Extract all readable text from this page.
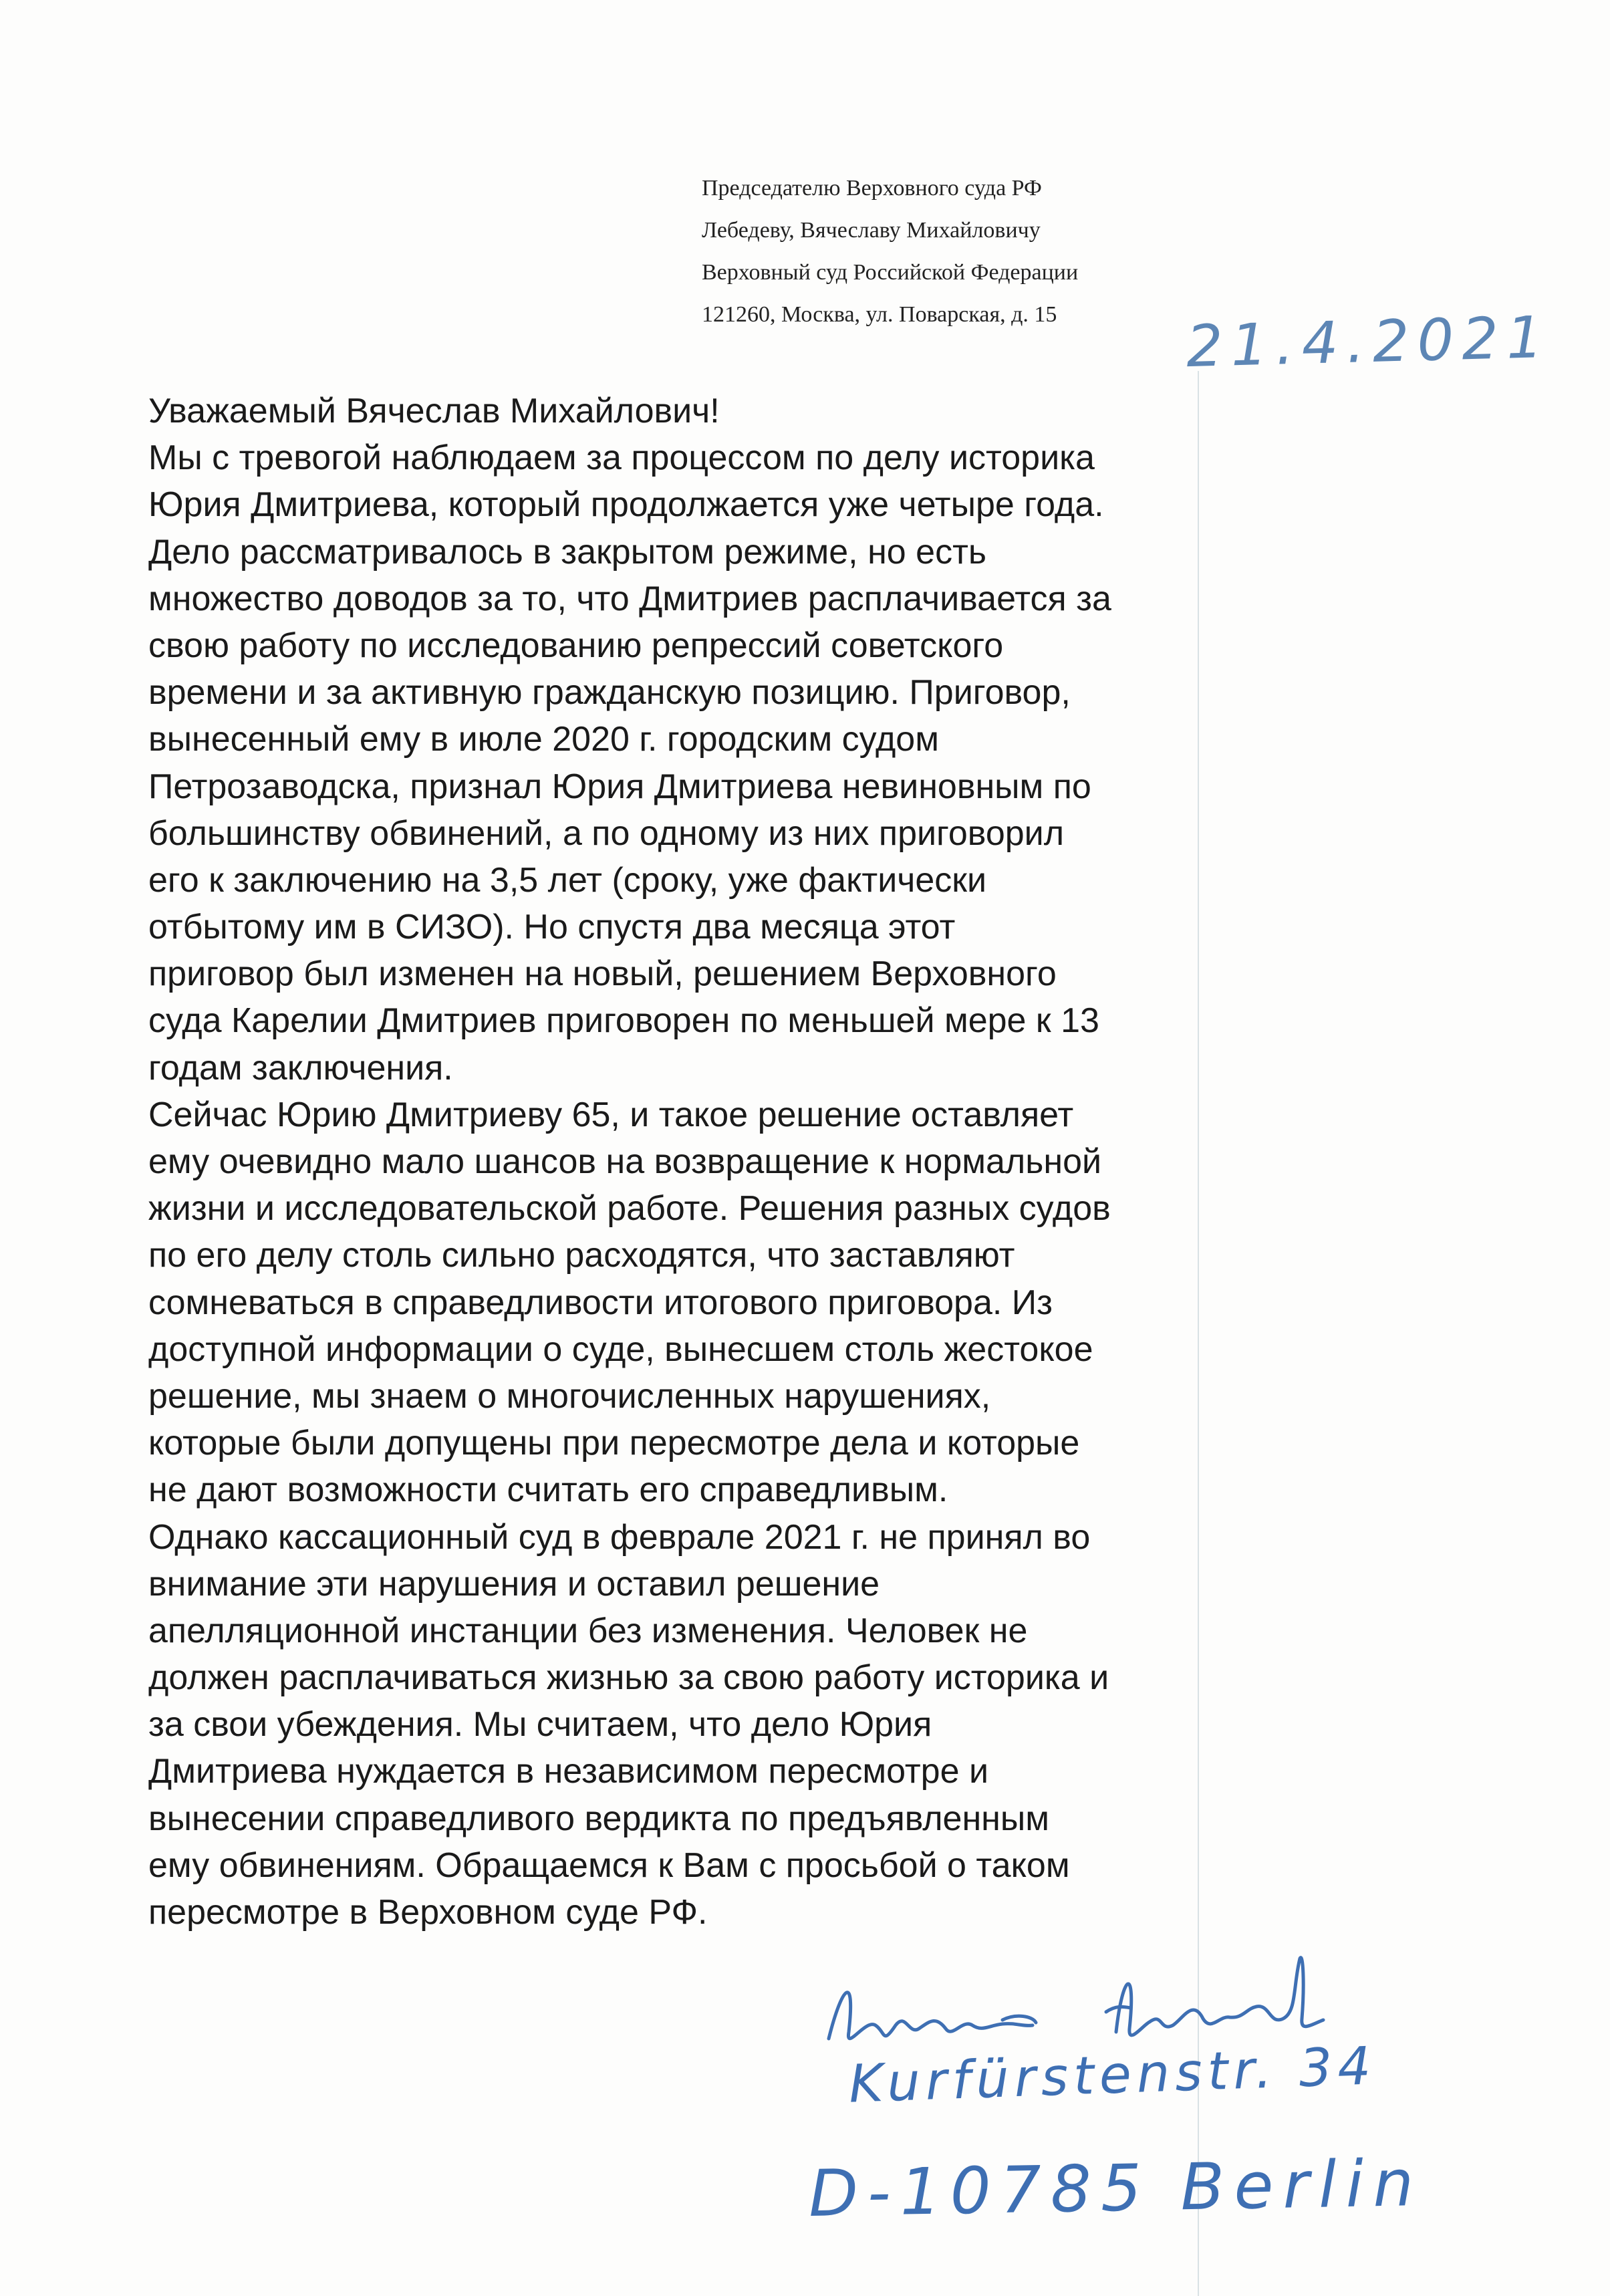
Председателю Верховного суда РФ
Лебедеву, Вячеславу Михайловичу
Верховный суд Российской Федерации
121260, Москва, ул. Поварская, д. 15	21.4.2021
Уважаемый Вячеслав Михайлович!
Мы с тревогой наблюдаем за процессом по делу историка
Юрия Дмитриева, который продолжается уже четыре года.
Дело рассматривалось в закрытом режиме, но есть
множество доводов за то, что Дмитриев расплачивается за
свою работу по исследованию репрессий советского
времени и за активную гражданскую позицию. Приговор,
вынесенный ему в июле 2020 г. городским судом
Петрозаводска, признал Юрия Дмитриева невиновным по
большинству обвинений, а по одному из них приговорил
его к заключению на 3,5 лет (сроку, уже фактически
отбытому им в СИЗО). Но спустя два месяца этот
приговор был изменен на новый, решением Верховного
суда Карелии Дмитриев приговорен по меньшей мере к 13
годам заключения.
Сейчас Юрию Дмитриеву 65, и такое решение оставляет
ему очевидно мало шансов на возвращение к нормальной
жизни и исследовательской работе. Решения разных судов
по его делу столь сильно расходятся, что заставляют
сомневаться в справедливости итогового приговора. Из
доступной информации о суде, вынесшем столь жестокое
решение, мы знаем о многочисленных нарушениях,
которые были допущены при пересмотре дела и которые
не дают возможности считать его справедливым.
Однако кассационный суд в феврале 2021 г. не принял во
внимание эти нарушения и оставил решение
апелляционной инстанции без изменения. Человек не
должен расплачиваться жизнью за свою работу историка и
за свои убеждения. Мы считаем, что дело Юрия
Дмитриева нуждается в независимом пересмотре и
вынесении справедливого вердикта по предъявленным
ему обвинениям. Обращаемся к Вам с просьбой о таком
пересмотре в Верховном суде РФ.
Kurfürstenstr. 34
D-10785 Berlin
